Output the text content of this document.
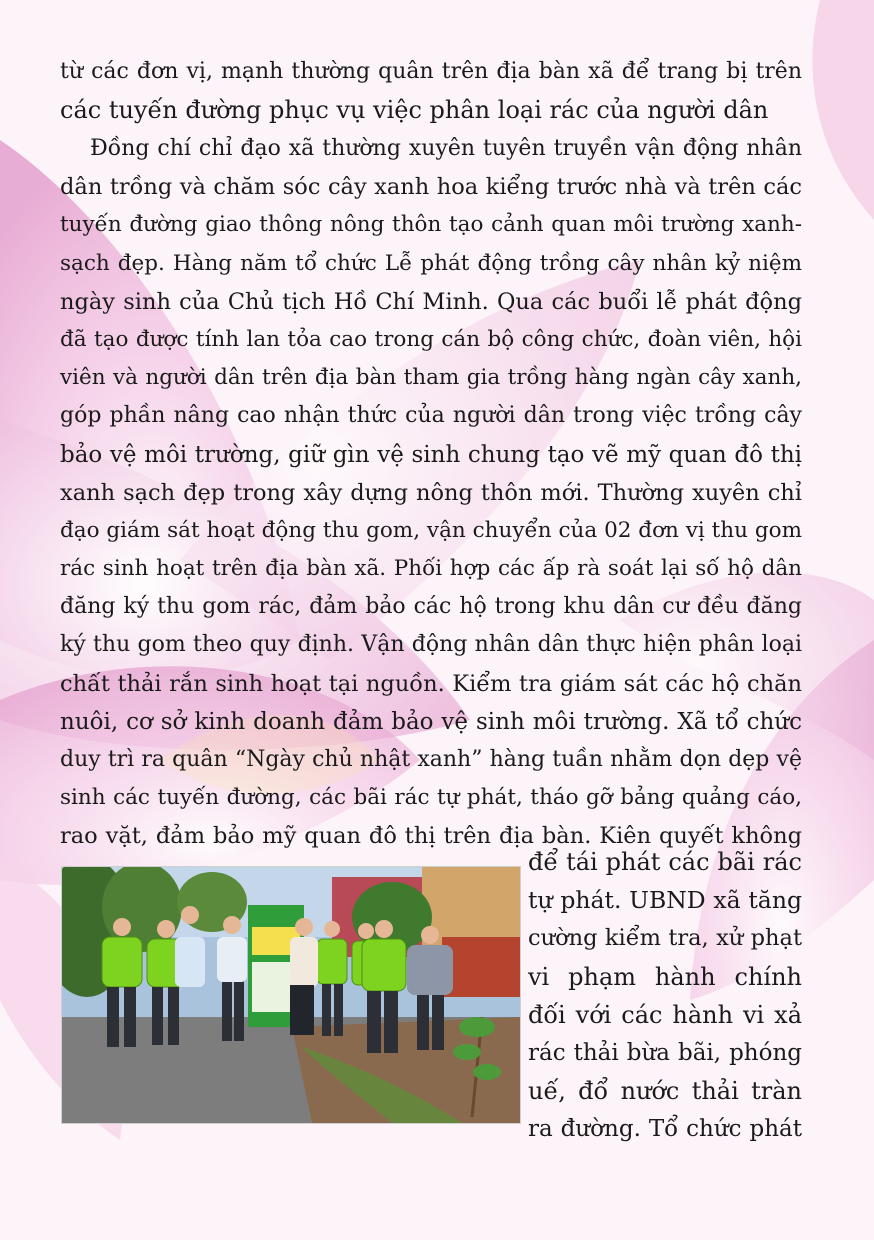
từ các đơn vị, mạnh thường quân trên địa bàn xã để trang bị trên
các tuyến đường phục vụ việc phân loại rác của người dân
Đồng chí chỉ đạo xã thường xuyên tuyên truyền vận động nhân
dân trồng và chăm sóc cây xanh hoa kiểng trước nhà và trên các
tuyến đường giao thông nông thôn tạo cảnh quan môi trường xanh-
sạch đẹp. Hàng năm tổ chức Lễ phát động trồng cây nhân kỷ niệm
ngày sinh của Chủ tịch Hồ Chí Minh. Qua các buổi lễ phát động
đã tạo được tính lan tỏa cao trong cán bộ công chức, đoàn viên, hội
viên và người dân trên địa bàn tham gia trồng hàng ngàn cây xanh,
góp phần nâng cao nhận thức của người dân trong việc trồng cây
bảo vệ môi trường, giữ gìn vệ sinh chung tạo vẽ mỹ quan đô thị
xanh sạch đẹp trong xây dựng nông thôn mới. Thường xuyên chỉ
đạo giám sát hoạt động thu gom, vận chuyển của 02 đơn vị thu gom
rác sinh hoạt trên địa bàn xã. Phối hợp các ấp rà soát lại số hộ dân
đăng ký thu gom rác, đảm bảo các hộ trong khu dân cư đều đăng
ký thu gom theo quy định. Vận động nhân dân thực hiện phân loại
chất thải rắn sinh hoạt tại nguồn. Kiểm tra giám sát các hộ chăn
nuôi, cơ sở kinh doanh đảm bảo vệ sinh môi trường. Xã tổ chức
duy trì ra quân “Ngày chủ nhật xanh” hàng tuần nhằm dọn dẹp vệ
sinh các tuyến đường, các bãi rác tự phát, tháo gỡ bảng quảng cáo,
rao vặt, đảm bảo mỹ quan đô thị trên địa bàn. Kiên quyết không
để tái phát các bãi rác
tự phát. UBND xã tăng
cường kiểm tra, xử phạt
vi phạm hành chính
đối với các hành vi xả
rác thải bừa bãi, phóng
uế, đổ nước thải tràn
ra đường. Tổ chức phát
